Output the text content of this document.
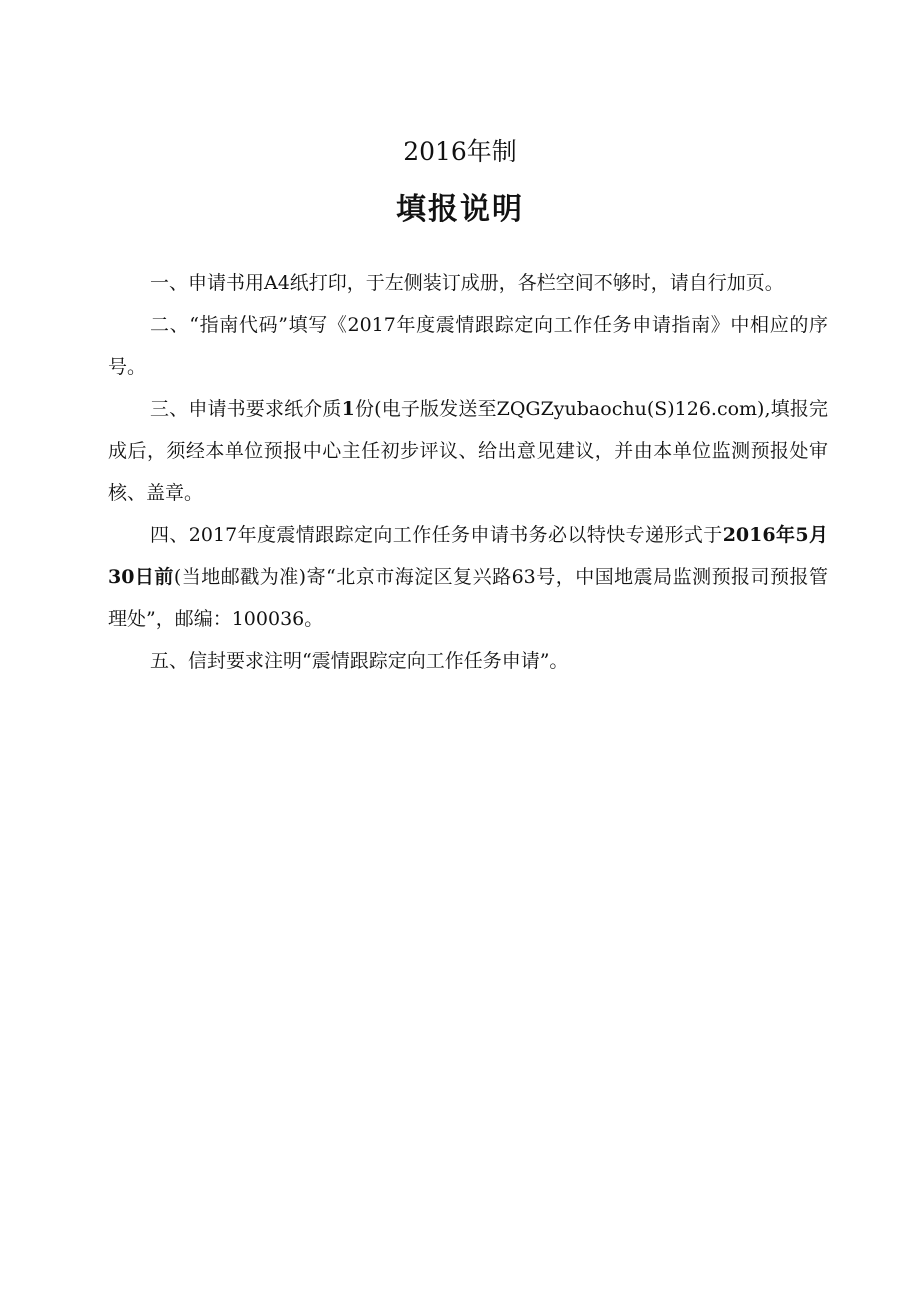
2016年制
填报说明

一、申请书用A4纸打印，于左侧装订成册，各栏空间不够时，请自行加页。

二、“指南代码”填写《2017年度震情跟踪定向工作任务申请指南》中相应的序号。

三、申请书要求纸介质1份(电子版发送至ZQGZyubaochu(S)126.com),填报完成后，须经本单位预报中心主任初步评议、给出意见建议，并由本单位监测预报处审核、盖章。

四、2017年度震情跟踪定向工作任务申请书务必以特快专递形式于2016年5月30日前(当地邮戳为准)寄“北京市海淀区复兴路63号，中国地震局监测预报司预报管理处”，邮编：100036。

五、信封要求注明“震情跟踪定向工作任务申请”。
